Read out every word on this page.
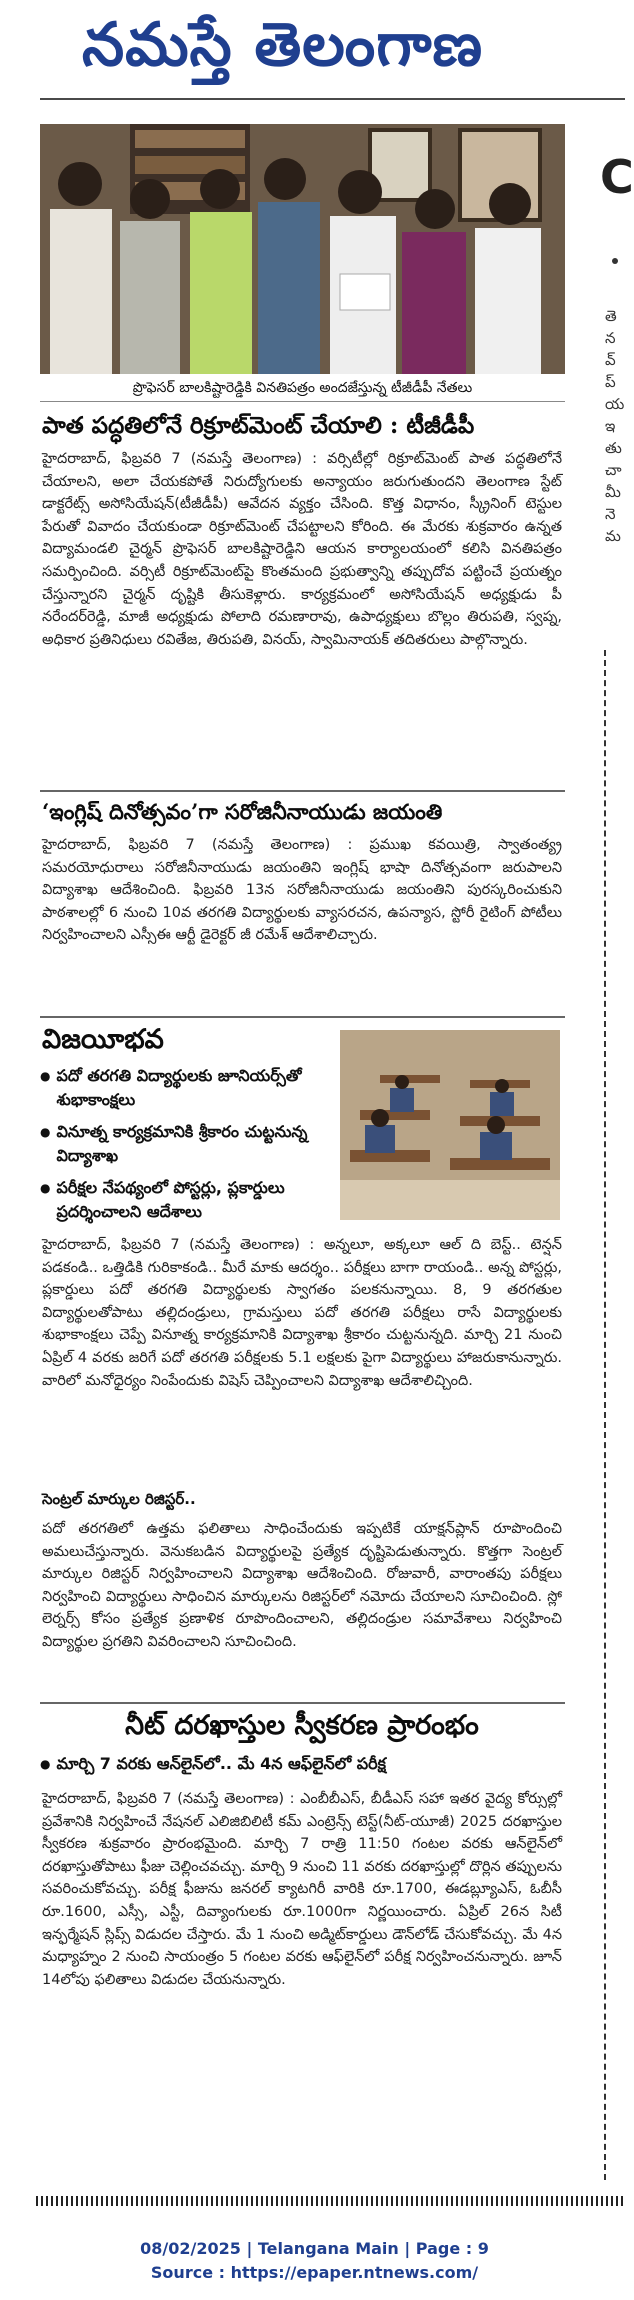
నమస్తే తెలంగాణ
ప్రొఫెసర్ బాలకిష్టారెడ్డికి వినతిపత్రం అందజేస్తున్న టీజీడీపీ నేతలు
C
తె
న
వ్
ప్
య
ఇ
తు
చా
మీ
నె
మ
పాత పద్ధతిలోనే రిక్రూట్‌మెంట్ చేయాలి : టీజీడీపీ

హైదరాబాద్, ఫిబ్రవరి 7 (నమస్తే తెలంగాణ) : వర్సిటీల్లో రిక్రూట్‌మెంట్ పాత పద్ధతిలోనే చేయాలని, అలా చేయకపోతే నిరుద్యోగులకు అన్యాయం జరుగుతుందని తెలంగాణ స్టేట్ డాక్టరేట్స్ అసోసియేషన్(టీజీడీపీ) ఆవేదన వ్యక్తం చేసింది. కొత్త విధానం, స్క్రీనింగ్ టెస్టుల పేరుతో వివాదం చేయకుండా రిక్రూట్‌మెంట్ చేపట్టాలని కోరింది. ఈ మేరకు శుక్రవారం ఉన్నత విద్యామండలి చైర్మన్ ప్రొఫెసర్ బాలకిష్టారెడ్డిని ఆయన కార్యాలయంలో కలిసి వినతిపత్రం సమర్పించింది. వర్సిటీ రిక్రూట్‌మెంట్‌పై కొంతమంది ప్రభుత్వాన్ని తప్పుదోవ పట్టించే ప్రయత్నం చేస్తున్నారని చైర్మన్ దృష్టికి తీసుకెళ్లారు. కార్యక్రమంలో అసోసియేషన్ అధ్యక్షుడు పీ నరేందర్‌రెడ్డి, మాజీ అధ్యక్షుడు పోలాది రమణారావు, ఉపాధ్యక్షులు బొల్లం తిరుపతి, స్వప్న, అధికార ప్రతినిధులు రవితేజ, తిరుపతి, వినయ్, స్వామినాయక్ తదితరులు పాల్గొన్నారు.

‘ఇంగ్లిష్ దినోత్సవం’గా సరోజినీనాయుడు జయంతి

హైదరాబాద్, ఫిబ్రవరి 7 (నమస్తే తెలంగాణ) : ప్రముఖ కవయిత్రి, స్వాతంత్య్ర సమరయోధురాలు సరోజినీనాయుడు జయంతిని ఇంగ్లిష్ భాషా దినోత్సవంగా జరుపాలని విద్యాశాఖ ఆదేశించింది. ఫిబ్రవరి 13న సరోజినీనాయుడు జయంతిని పురస్కరించుకుని పాఠశాలల్లో 6 నుంచి 10వ తరగతి విద్యార్థులకు వ్యాసరచన, ఉపన్యాస, స్టోరీ రైటింగ్ పోటీలు నిర్వహించాలని ఎస్సీఈ ఆర్టీ డైరెక్టర్ జీ రమేశ్ ఆదేశాలిచ్చారు.

విజయీభవ
● పదో తరగతి విద్యార్థులకు జూనియర్స్‌తో శుభాకాంక్షలు
● వినూత్న కార్యక్రమానికి శ్రీకారం చుట్టనున్న విద్యాశాఖ
● పరీక్షల నేపథ్యంలో పోస్టర్లు, ప్లకార్డులు ప్రదర్శించాలని ఆదేశాలు

హైదరాబాద్, ఫిబ్రవరి 7 (నమస్తే తెలంగాణ) : అన్నలూ, అక్కలూ ఆల్ ది బెస్ట్.. టెన్షన్ పడకండి.. ఒత్తిడికి గురికాకండి.. మీరే మాకు ఆదర్శం.. పరీక్షలు బాగా రాయండి.. అన్న పోస్టర్లు, ప్లకార్డులు పదో తరగతి విద్యార్థులకు స్వాగతం పలకనున్నాయి. 8, 9 తరగతుల విద్యార్థులతోపాటు తల్లిదండ్రులు, గ్రామస్తులు పదో తరగతి పరీక్షలు రాసే విద్యార్థులకు శుభాకాంక్షలు చెప్పే వినూత్న కార్యక్రమానికి విద్యాశాఖ శ్రీకారం చుట్టనున్నది. మార్చి 21 నుంచి ఏప్రిల్ 4 వరకు జరిగే పదో తరగతి పరీక్షలకు 5.1 లక్షలకు పైగా విద్యార్థులు హాజరుకానున్నారు. వారిలో మనోధైర్యం నింపేందుకు విషెస్ చెప్పించాలని విద్యాశాఖ ఆదేశాలిచ్చింది.

సెంట్రల్ మార్కుల రిజిస్టర్..

పదో తరగతిలో ఉత్తమ ఫలితాలు సాధించేందుకు ఇప్పటికే యాక్షన్‌ప్లాన్ రూపొందించి అమలుచేస్తున్నారు. వెనుకబడిన విద్యార్థులపై ప్రత్యేక దృష్టిపెడుతున్నారు. కొత్తగా సెంట్రల్ మార్కుల రిజిస్టర్ నిర్వహించాలని విద్యాశాఖ ఆదేశించింది. రోజువారీ, వారాంతపు పరీక్షలు నిర్వహించి విద్యార్థులు సాధించిన మార్కులను రిజిస్టర్‌లో నమోదు చేయాలని సూచించింది. స్లో లెర్నర్స్ కోసం ప్రత్యేక ప్రణాళిక రూపొందించాలని, తల్లిదండ్రుల సమావేశాలు నిర్వహించి విద్యార్థుల ప్రగతిని వివరించాలని సూచించింది.

నీట్ దరఖాస్తుల స్వీకరణ ప్రారంభం
● మార్చి 7 వరకు ఆన్‌లైన్‌లో.. మే 4న ఆఫ్‌లైన్‌లో పరీక్ష

హైదరాబాద్, ఫిబ్రవరి 7 (నమస్తే తెలంగాణ) : ఎంబీబీఎస్, బీడీఎస్ సహా ఇతర వైద్య కోర్సుల్లో ప్రవేశానికి నిర్వహించే నేషనల్ ఎలిజిబిలిటీ కమ్ ఎంట్రెన్స్ టెస్ట్(నీట్-యూజీ) 2025 దరఖాస్తుల స్వీకరణ శుక్రవారం ప్రారంభమైంది. మార్చి 7 రాత్రి 11:50 గంటల వరకు ఆన్‌లైన్‌లో దరఖాస్తుతోపాటు ఫీజు చెల్లించవచ్చు. మార్చి 9 నుంచి 11 వరకు దరఖాస్తుల్లో దొర్లిన తప్పులను సవరించుకోవచ్చు. పరీక్ష ఫీజును జనరల్ క్యాటగిరీ వారికి రూ.1700, ఈడబ్ల్యూఎస్, ఓబీసీ రూ.1600, ఎస్సీ, ఎస్టీ, దివ్యాంగులకు రూ.1000గా నిర్ణయించారు. ఏప్రిల్ 26న సిటీ ఇన్ఫర్మేషన్ స్లిప్స్ విడుదల చేస్తారు. మే 1 నుంచి అడ్మిట్‌కార్డులు డౌన్‌లోడ్ చేసుకోవచ్చు. మే 4న మధ్యాహ్నం 2 నుంచి సాయంత్రం 5 గంటల వరకు ఆఫ్‌లైన్‌లో పరీక్ష నిర్వహించనున్నారు. జూన్ 14లోపు ఫలితాలు విడుదల చేయనున్నారు.

08/02/2025 | Telangana Main | Page : 9
Source : https://epaper.ntnews.com/
